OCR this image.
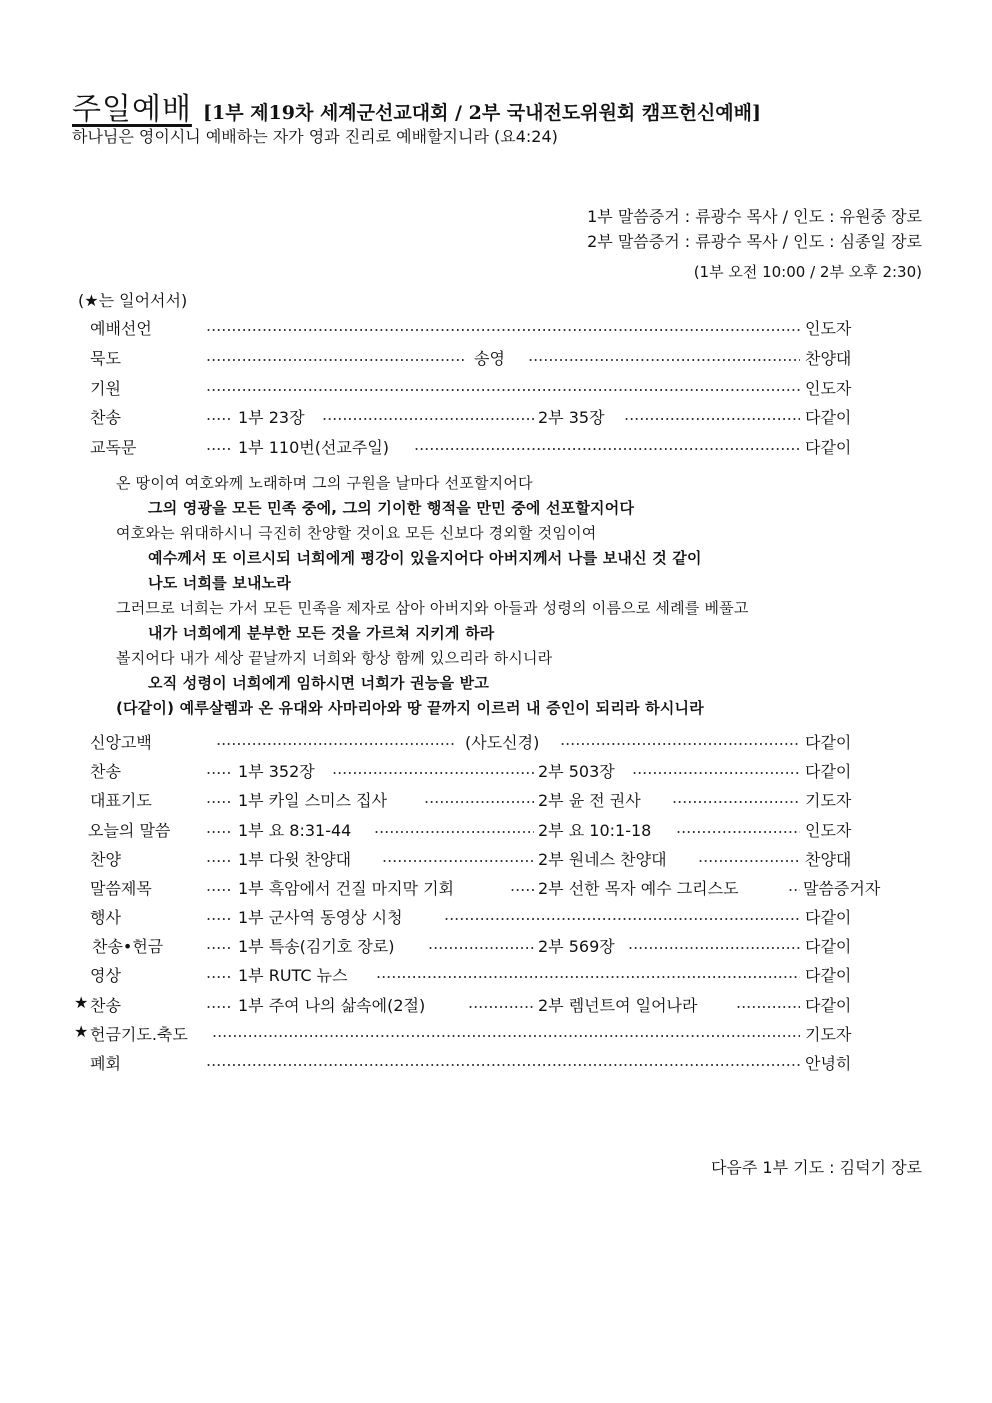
주일예배 [1부 제19차 세계군선교대회 / 2부 국내전도위원회 캠프헌신예배]
하나님은 영이시니 예배하는 자가 영과 진리로 예배할지니라 (요4:24)
1부 말씀증거 : 류광수 목사 / 인도 : 유원중 장로
2부 말씀증거 : 류광수 목사 / 인도 : 심종일 장로
(1부 오전 10:00 / 2부 오후 2:30)
(★는 일어서서)
예배선언 .....	인도자
묵도 .....	송영 .....	찬양대
기원 .....	인도자
찬송 .....	1부 23장 .....	2부 35장 .....	다같이
교독문 .....	1부 110번(선교주일) .....	다같이
온 땅이여 여호와께 노래하며 그의 구원을 날마다 선포할지어다
그의 영광을 모든 민족 중에, 그의 기이한 행적을 만민 중에 선포할지어다
여호와는 위대하시니 극진히 찬양할 것이요 모든 신보다 경외할 것임이여
예수께서 또 이르시되 너희에게 평강이 있을지어다 아버지께서 나를 보내신 것 같이
나도 너희를 보내노라
그러므로 너희는 가서 모든 민족을 제자로 삼아 아버지와 아들과 성령의 이름으로 세례를 베풀고
내가 너희에게 분부한 모든 것을 가르쳐 지키게 하라
볼지어다 내가 세상 끝날까지 너희와 항상 함께 있으리라 하시니라
오직 성령이 너희에게 임하시면 너희가 권능을 받고
(다같이) 예루살렘과 온 유대와 사마리아와 땅 끝까지 이르러 내 증인이 되리라 하시니라
신앙고백 .....	(사도신경) .....	다같이
찬송 .....	1부 352장 .....	2부 503장 .....	다같이
대표기도 .....	1부 카일 스미스 집사 .....	2부 윤 전 권사 .....	기도자
오늘의 말씀 .....	1부 요 8:31-44 .....	2부 요 10:1-18 .....	인도자
찬양 .....	1부 다윗 찬양대 .....	2부 원네스 찬양대 .....	찬양대
말씀제목 .....	1부 흑암에서 건질 마지막 기회 .....	2부 선한 목자 예수 그리스도 .....	말씀증거자
행사 .....	1부 군사역 동영상 시청 .....	다같이
찬송•헌금 .....	1부 특송(김기호 장로) .....	2부 569장 .....	다같이
영상 .....	1부 RUTC 뉴스 .....	다같이
★ 찬송 .....	1부 주여 나의 삶속에(2절) .....	2부 렘넌트여 일어나라 .....	다같이
★ 헌금기도.축도 .....	기도자
폐회 .....	안녕히
다음주 1부 기도 : 김덕기 장로
